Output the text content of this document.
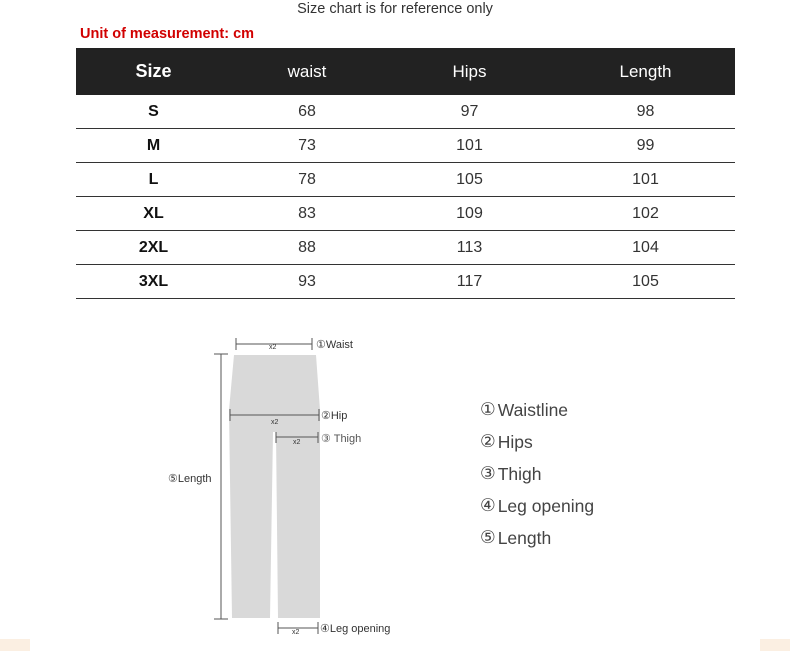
Size chart is for reference only
Unit of measurement: cm
Size	waist	Hips	Length
S	68	97	98
M	73	101	99
L	78	105	101
XL	83	109	102
2XL	88	113	104
3XL	93	117	105
x2
x2
x2
x2
①Waist
②Hip
③ Thigh
④Leg opening
⑤Length
① Waistline
② Hips
③ Thigh
④ Leg opening
⑤ Length
